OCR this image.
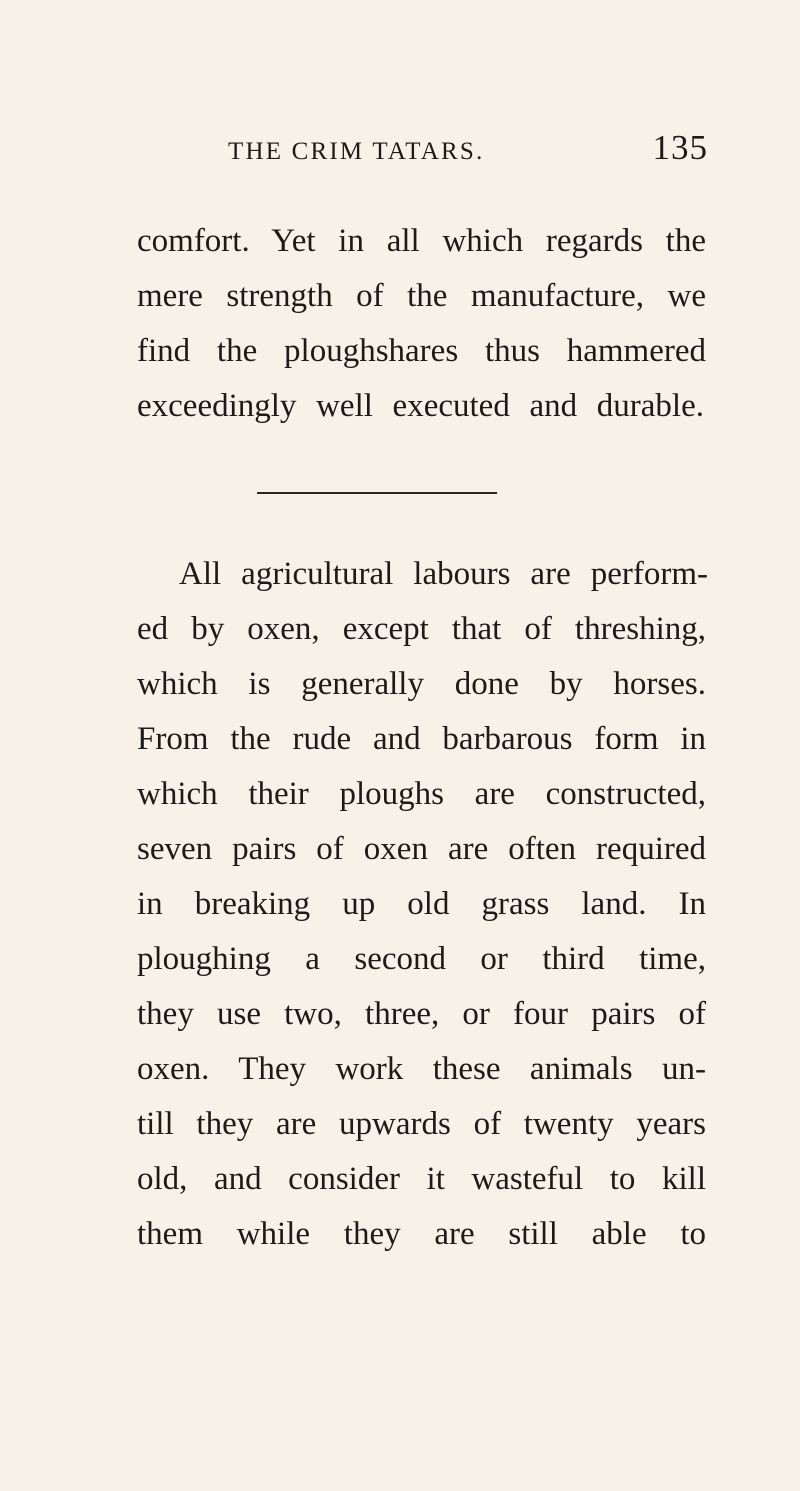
THE CRIM TATARS.	135
comfort. Yet in all which regards the
mere strength of the manufacture, we
find the ploughshares thus hammered
exceedingly well executed and durable.
All agricultural labours are perform-
ed by oxen, except that of threshing,
which is generally done by horses.
From the rude and barbarous form in
which their ploughs are constructed,
seven pairs of oxen are often required
in breaking up old grass land. In
ploughing a second or third time,
they use two, three, or four pairs of
oxen. They work these animals un-
till they are upwards of twenty years
old, and consider it wasteful to kill
them while they are still able to
